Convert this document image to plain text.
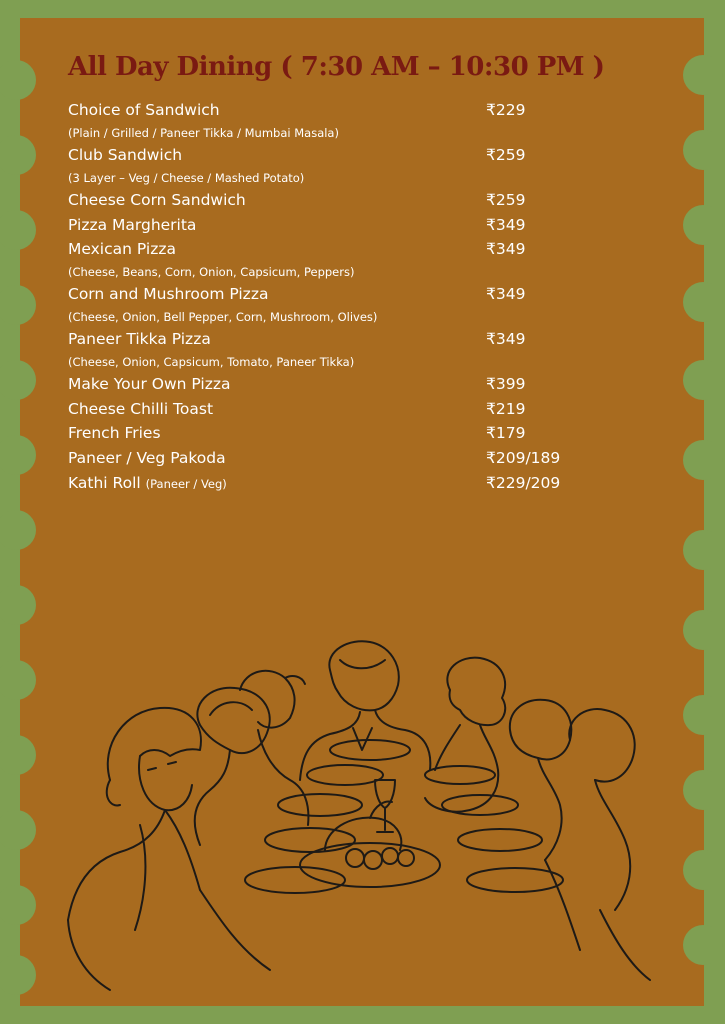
All Day Dining ( 7:30 AM – 10:30 PM )
Choice of Sandwich	₹229
(Plain / Grilled / Paneer Tikka / Mumbai Masala)
Club Sandwich	₹259
(3 Layer – Veg / Cheese / Mashed Potato)
Cheese Corn Sandwich	₹259
Pizza Margherita	₹349
Mexican Pizza	₹349
(Cheese, Beans, Corn, Onion, Capsicum, Peppers)
Corn and Mushroom Pizza	₹349
(Cheese, Onion, Bell Pepper, Corn, Mushroom, Olives)
Paneer Tikka Pizza	₹349
(Cheese, Onion, Capsicum, Tomato, Paneer Tikka)
Make Your Own Pizza	₹399
Cheese Chilli Toast	₹219
French Fries	₹179
Paneer / Veg Pakoda	₹209/189
Kathi Roll (Paneer / Veg)	₹229/209
